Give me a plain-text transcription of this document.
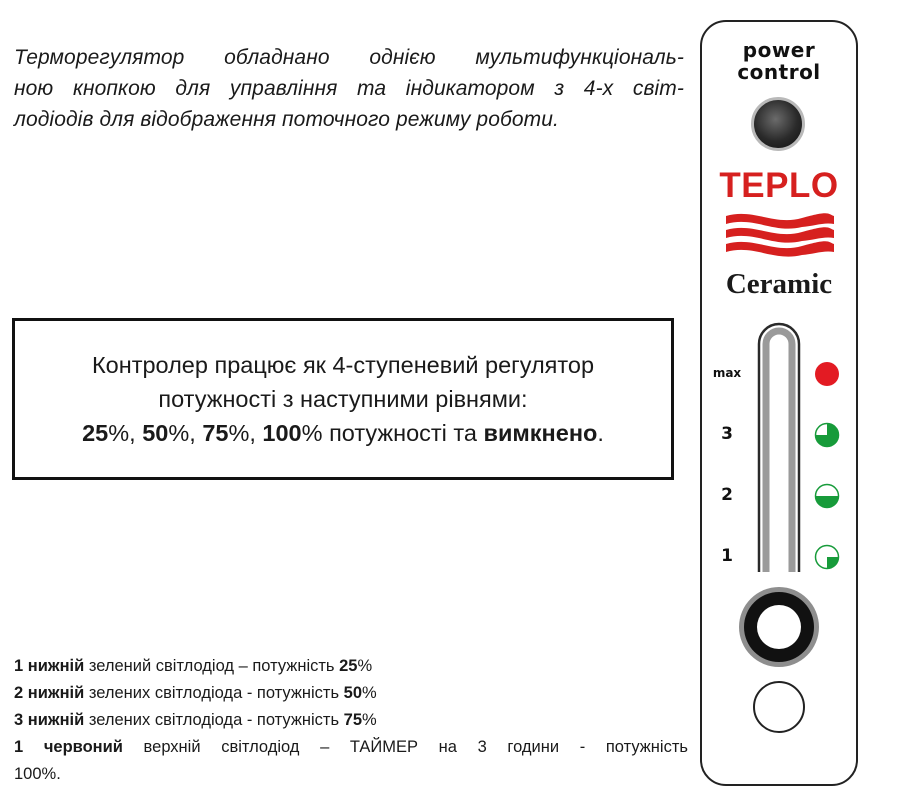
Терморегулятор обладнано однією мультифункціональ-
ною кнопкою для управління та індикатором з 4-х світ-
лодіодів для відображення поточного режиму роботи.
Контролер працює як 4-ступеневий регулятор
потужності з наступними рівнями:
25%, 50%, 75%, 100% потужності та вимкнено.
1 нижній зелений світлодіод – потужність 25%
2 нижній зелених світлодіода - потужність 50%
3 нижній зелених світлодіода - потужність 75%
1 червоний верхній світлодіод – ТАЙМЕР на 3 години - потужність
100%.
power
control
TEPLO
Ceramic
max
3
2
1
